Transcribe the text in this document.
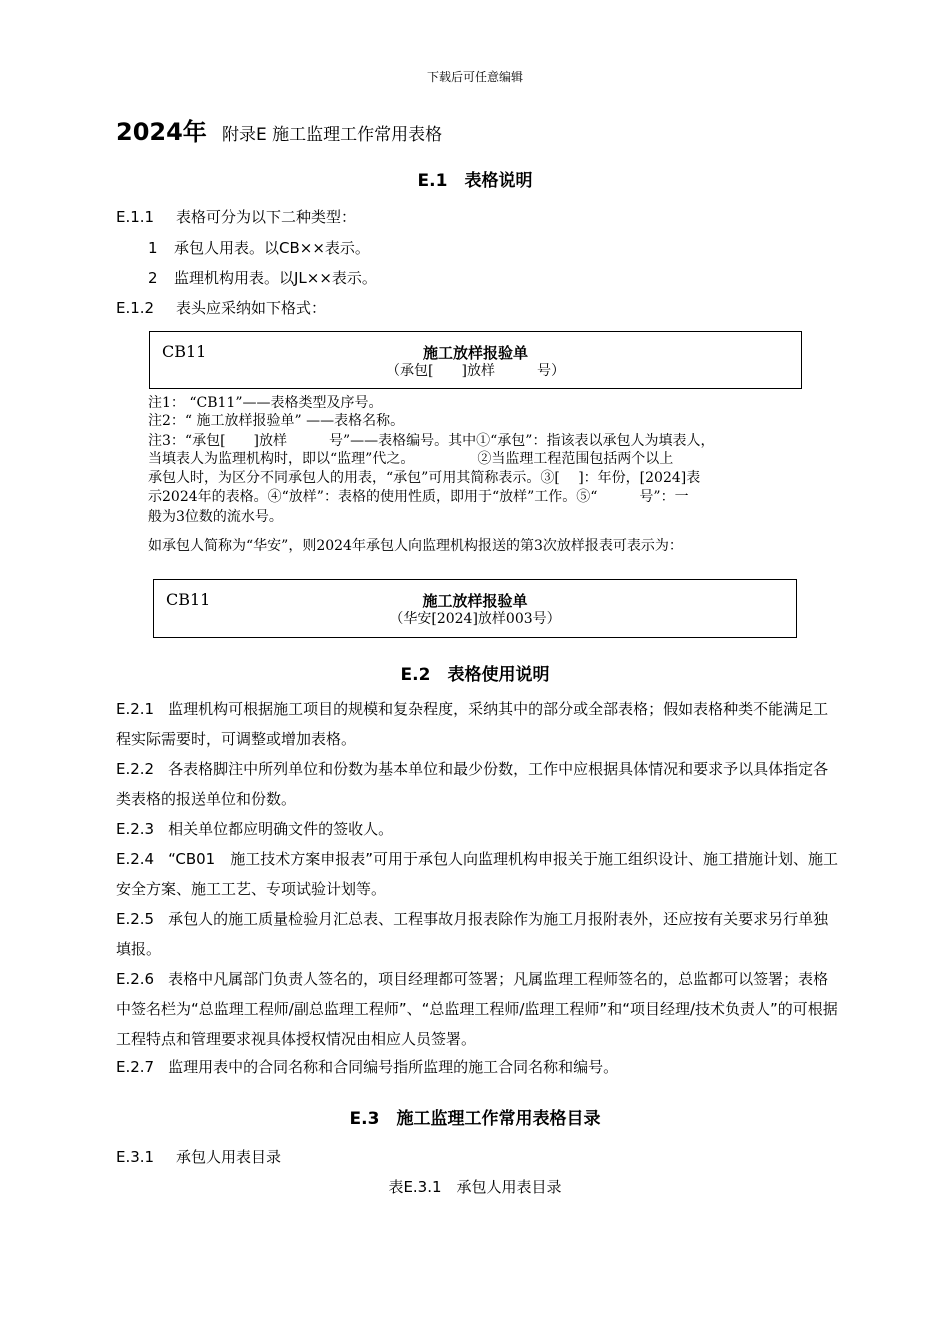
下载后可任意编辑
2024年 附录E 施工监理工作常用表格
E.1　表格说明
E.1.1 表格可分为以下二种类型：
1 承包人用表。以CB××表示。
2 监理机构用表。以JL××表示。
E.1.2 表头应采纳如下格式：
CB11	施工放样报验单
（承包[　　]放样　　　号）
注1： “CB11”——表格类型及序号。
注2：“ 施工放样报验单” ——表格名称。
注3：“承包[　　]放样　　　号”——表格编号。其中①“承包”：指该表以承包人为填表人，
当填表人为监理机构时，即以“监理”代之。　　　　　②当监理工程范围包括两个以上
承包人时，为区分不同承包人的用表，“承包”可用其简称表示。③[　 ]：年份，[2024]表
示2024年的表格。④“放样”：表格的使用性质，即用于“放样”工作。⑤“　　　号”：一
般为3位数的流水号。
如承包人简称为“华安”，则2024年承包人向监理机构报送的第3次放样报表可表示为：
CB11	施工放样报验单
（华安[2024]放样003号）
E.2　表格使用说明
E.2.1 监理机构可根据施工项目的规模和复杂程度，采纳其中的部分或全部表格；假如表格种类不能满足工程实际需要时，可调整或增加表格。
E.2.2 各表格脚注中所列单位和份数为基本单位和最少份数，工作中应根据具体情况和要求予以具体指定各类表格的报送单位和份数。
E.2.3 相关单位都应明确文件的签收人。
E.2.4 “CB01　施工技术方案申报表”可用于承包人向监理机构申报关于施工组织设计、施工措施计划、施工安全方案、施工工艺、专项试验计划等。
E.2.5 承包人的施工质量检验月汇总表、工程事故月报表除作为施工月报附表外，还应按有关要求另行单独填报。
E.2.6 表格中凡属部门负责人签名的，项目经理都可签署；凡属监理工程师签名的，总监都可以签署；表格中签名栏为“总监理工程师/副总监理工程师”、“总监理工程师/监理工程师”和“项目经理/技术负责人”的可根据工程特点和管理要求视具体授权情况由相应人员签署。
E.2.7 监理用表中的合同名称和合同编号指所监理的施工合同名称和编号。
E.3　施工监理工作常用表格目录
E.3.1 承包人用表目录
表E.3.1　承包人用表目录
